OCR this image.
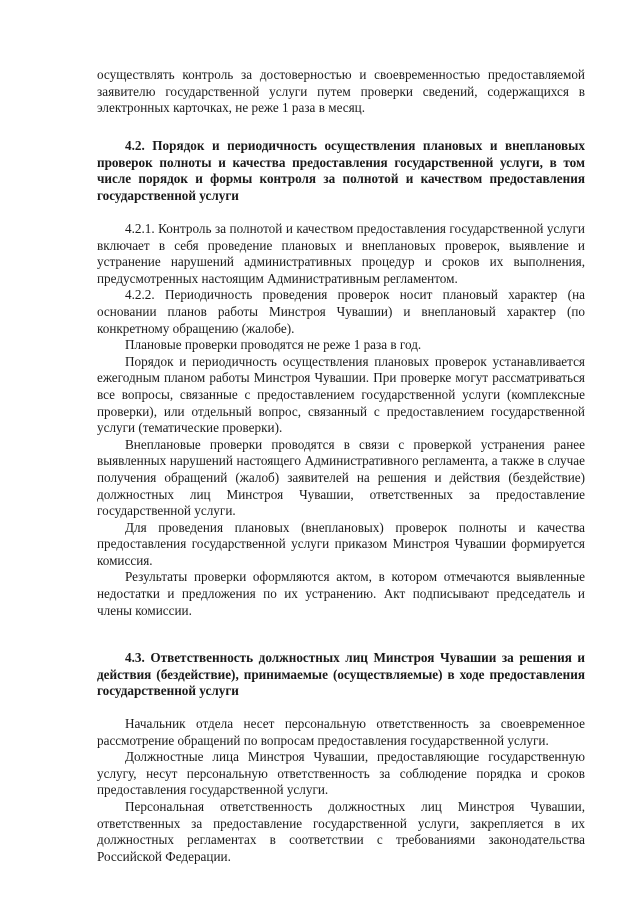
осуществлять контроль за достоверностью и своевременностью предоставляемой заявителю государственной услуги путем проверки сведений, содержащихся в электронных карточках, не реже 1 раза в месяц.

4.2. Порядок и периодичность осуществления плановых и внеплановых проверок полноты и качества предоставления государственной услуги, в том числе порядок и формы контроля за полнотой и качеством предоставления государственной услуги

4.2.1. Контроль за полнотой и качеством предоставления государственной услуги включает в себя проведение плановых и внеплановых проверок, выявление и устранение нарушений административных процедур и сроков их выполнения, предусмотренных настоящим Административным регламентом.

4.2.2. Периодичность проведения проверок носит плановый характер (на основании планов работы Минстроя Чувашии) и внеплановый характер (по конкретному обращению (жалобе).

Плановые проверки проводятся не реже 1 раза в год.

Порядок и периодичность осуществления плановых проверок устанавливается ежегодным планом работы Минстроя Чувашии. При проверке могут рассматриваться все вопросы, связанные с предоставлением государственной услуги (комплексные проверки), или отдельный вопрос, связанный с предоставлением государственной услуги (тематические проверки).

Внеплановые проверки проводятся в связи с проверкой устранения ранее выявленных нарушений настоящего Административного регламента, а также в случае получения обращений (жалоб) заявителей на решения и действия (бездействие) должностных лиц Минстроя Чувашии, ответственных за предоставление государственной услуги.

Для проведения плановых (внеплановых) проверок полноты и качества предоставления государственной услуги приказом Минстроя Чувашии формируется комиссия.

Результаты проверки оформляются актом, в котором отмечаются выявленные недостатки и предложения по их устранению. Акт подписывают председатель и члены комиссии.

4.3. Ответственность должностных лиц Минстроя Чувашии за решения и действия (бездействие), принимаемые (осуществляемые) в ходе предоставления государственной услуги

Начальник отдела несет персональную ответственность за своевременное рассмотрение обращений по вопросам предоставления государственной услуги.

Должностные лица Минстроя Чувашии, предоставляющие государственную услугу, несут персональную ответственность за соблюдение порядка и сроков предоставления государственной услуги.

Персональная ответственность должностных лиц Минстроя Чувашии, ответственных за предоставление государственной услуги, закрепляется в их должностных регламентах в соответствии с требованиями законодательства Российской Федерации.
